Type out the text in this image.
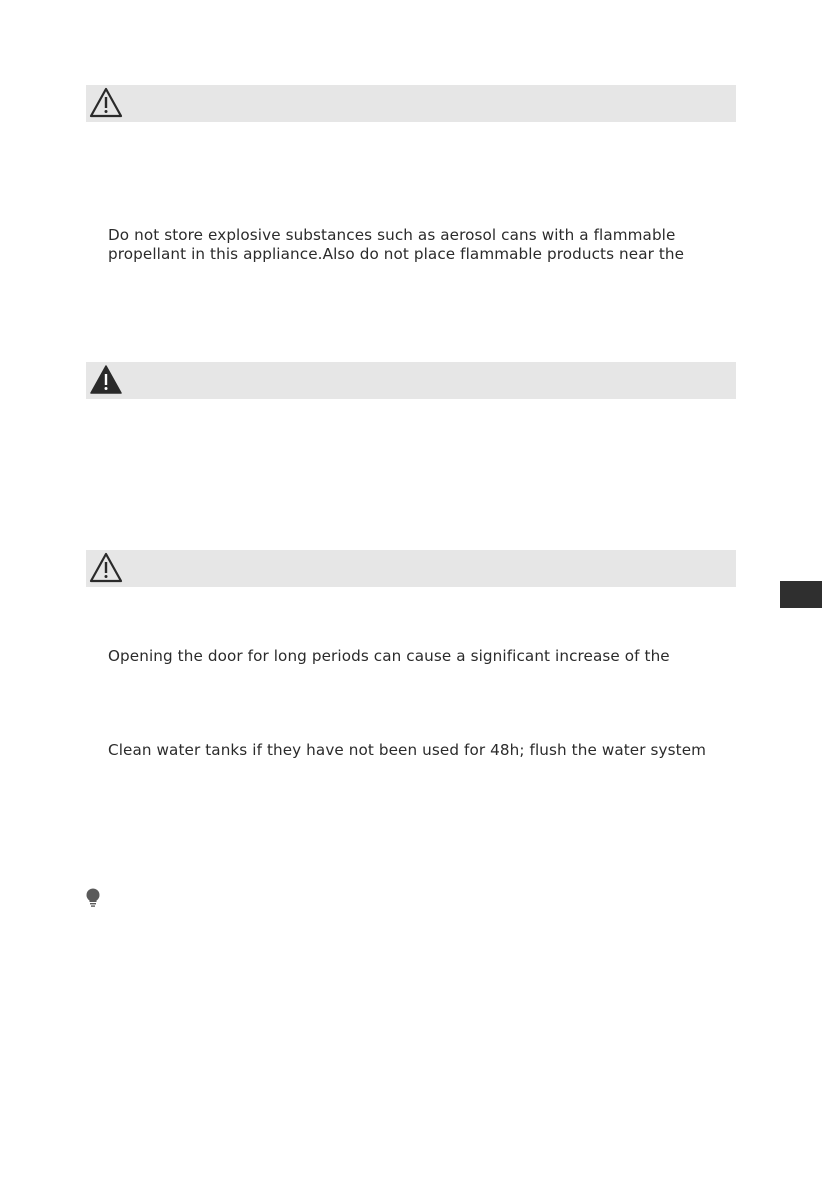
Do not store explosive substances such as aerosol cans with a flammable
propellant in this appliance.Also do not place flammable products near the
Opening the door for long periods can cause a significant increase of the
Clean water tanks if they have not been used for 48h; flush the water system
